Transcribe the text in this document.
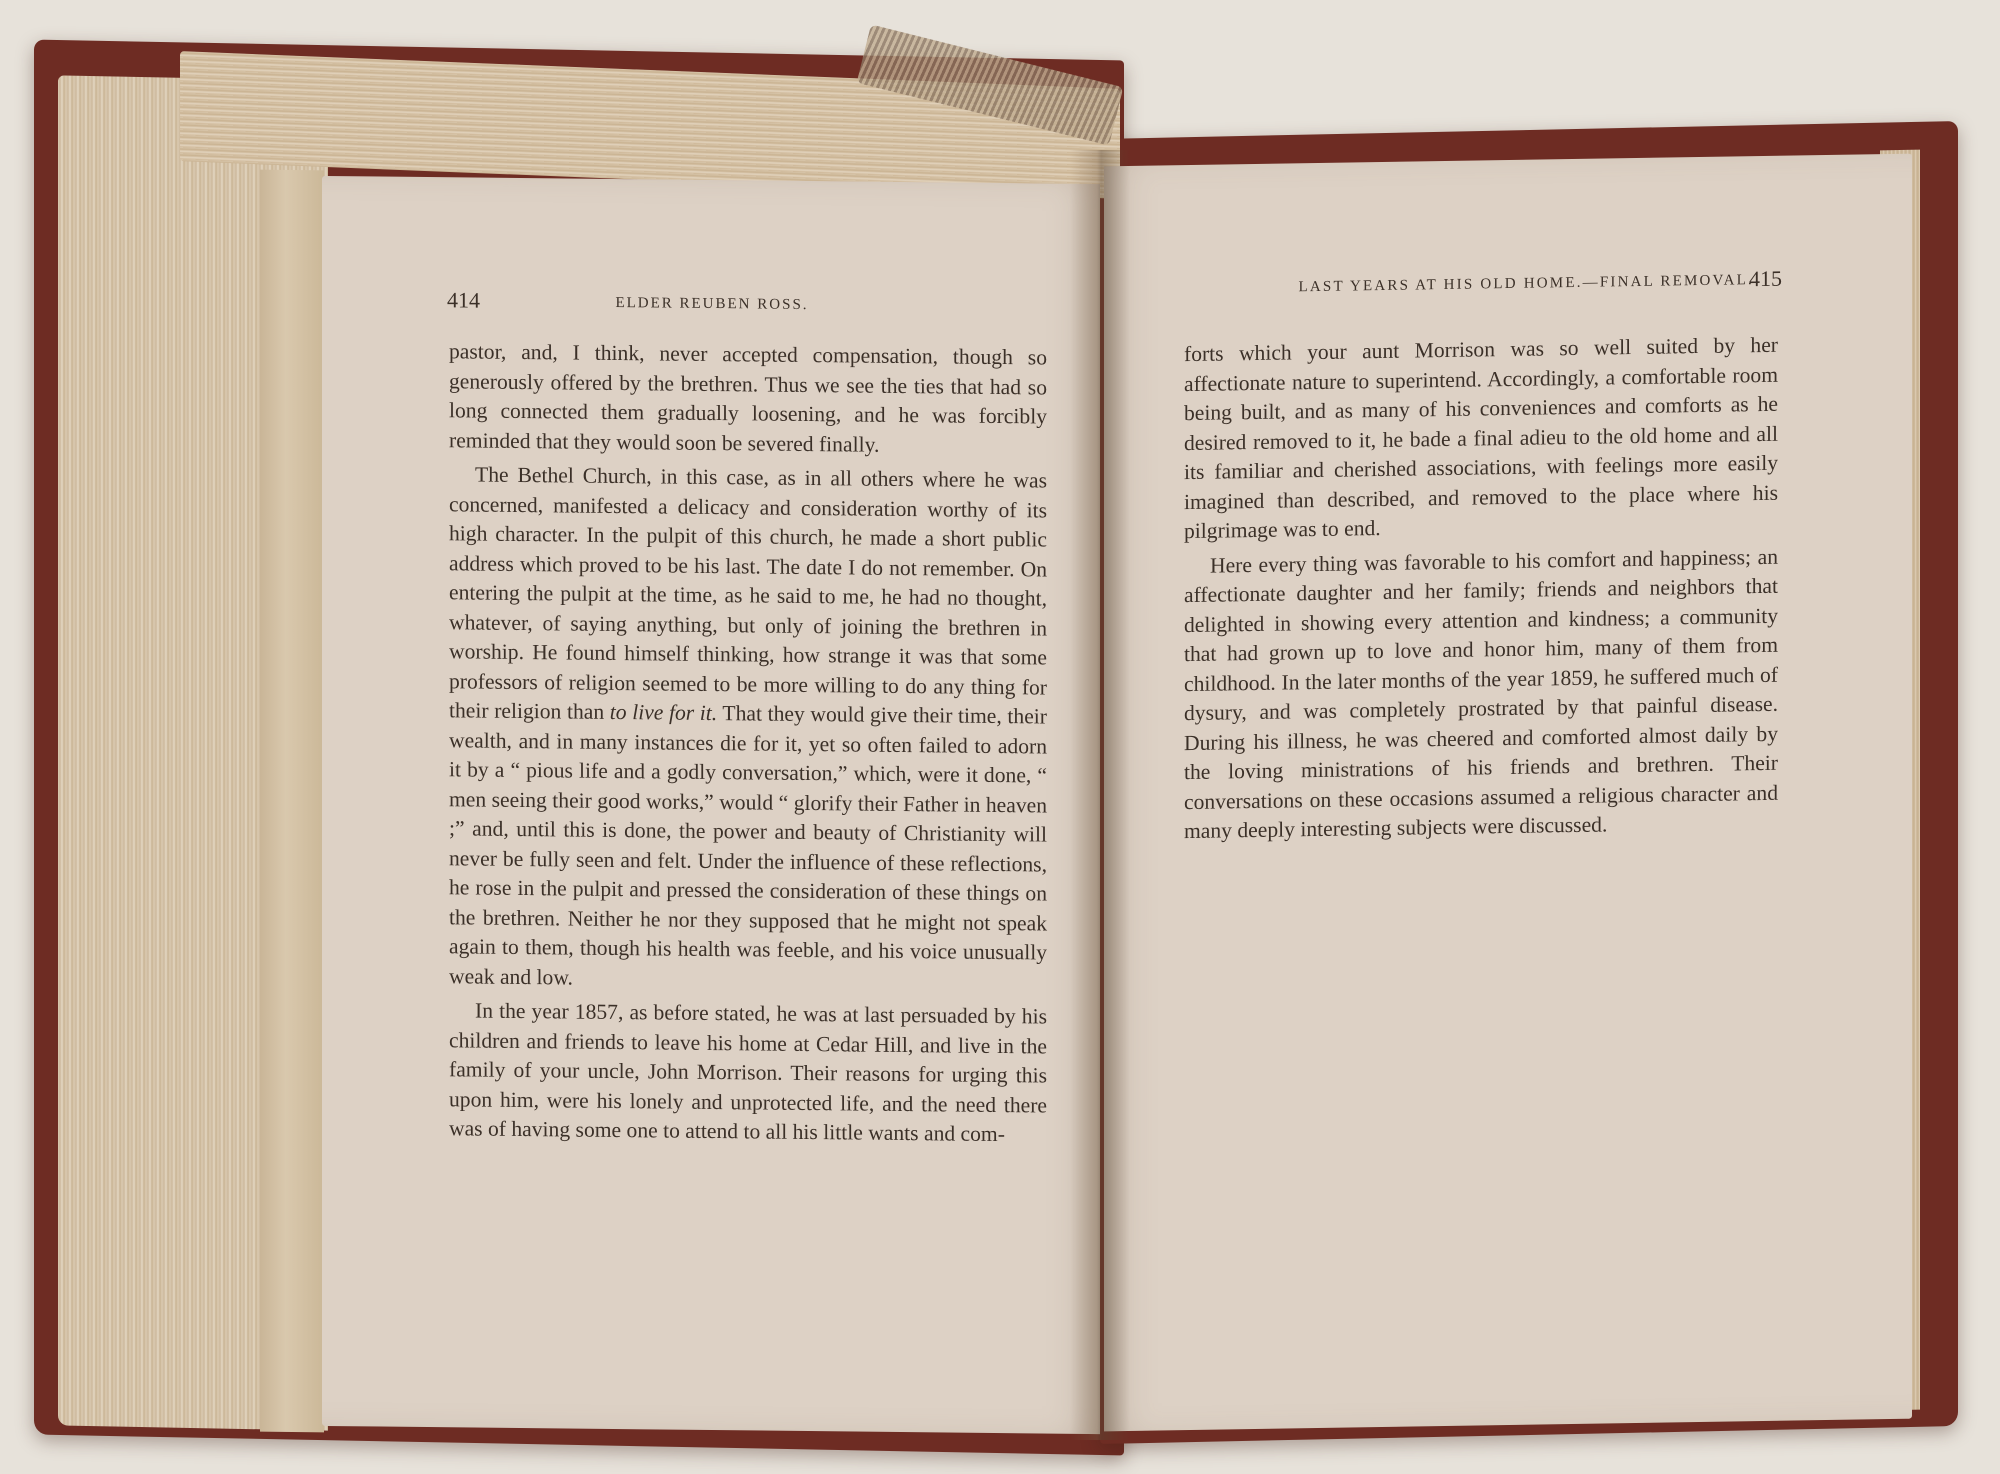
414	ELDER REUBEN ROSS.

pastor, and, I think, never accepted compensation, though so generously offered by the brethren. Thus we see the ties that had so long connected them gradually loosening, and he was forcibly reminded that they would soon be severed finally.

The Bethel Church, in this case, as in all others where he was concerned, manifested a delicacy and consideration worthy of its high character. In the pulpit of this church, he made a short public address which proved to be his last. The date I do not remember. On entering the pulpit at the time, as he said to me, he had no thought, whatever, of saying anything, but only of joining the brethren in worship. He found himself thinking, how strange it was that some professors of religion seemed to be more willing to do any thing for their religion than to live for it. That they would give their time, their wealth, and in many instances die for it, yet so often failed to adorn it by a “ pious life and a godly conversation,” which, were it done, “ men seeing their good works,” would “ glorify their Father in heaven ;” and, until this is done, the power and beauty of Christianity will never be fully seen and felt. Under the influence of these reflections, he rose in the pulpit and pressed the consideration of these things on the brethren. Neither he nor they supposed that he might not speak again to them, though his health was feeble, and his voice unusually weak and low.

In the year 1857, as before stated, he was at last persuaded by his children and friends to leave his home at Cedar Hill, and live in the family of your uncle, John Morrison. Their reasons for urging this upon him, were his lonely and unprotected life, and the need there was of having some one to attend to all his little wants and com-

LAST YEARS AT HIS OLD HOME.—FINAL REMOVAL.
415

forts which your aunt Morrison was so well suited by her affectionate nature to superintend. Accordingly, a comfortable room being built, and as many of his conveniences and comforts as he desired removed to it, he bade a final adieu to the old home and all its familiar and cherished associations, with feelings more easily imagined than described, and removed to the place where his pilgrimage was to end.

Here every thing was favorable to his comfort and happiness; an affectionate daughter and her family; friends and neighbors that delighted in showing every attention and kindness; a community that had grown up to love and honor him, many of them from childhood. In the later months of the year 1859, he suffered much of dysury, and was completely prostrated by that painful disease. During his illness, he was cheered and comforted almost daily by the loving ministrations of his friends and brethren. Their conversations on these occasions assumed a religious character and many deeply interesting subjects were discussed.
